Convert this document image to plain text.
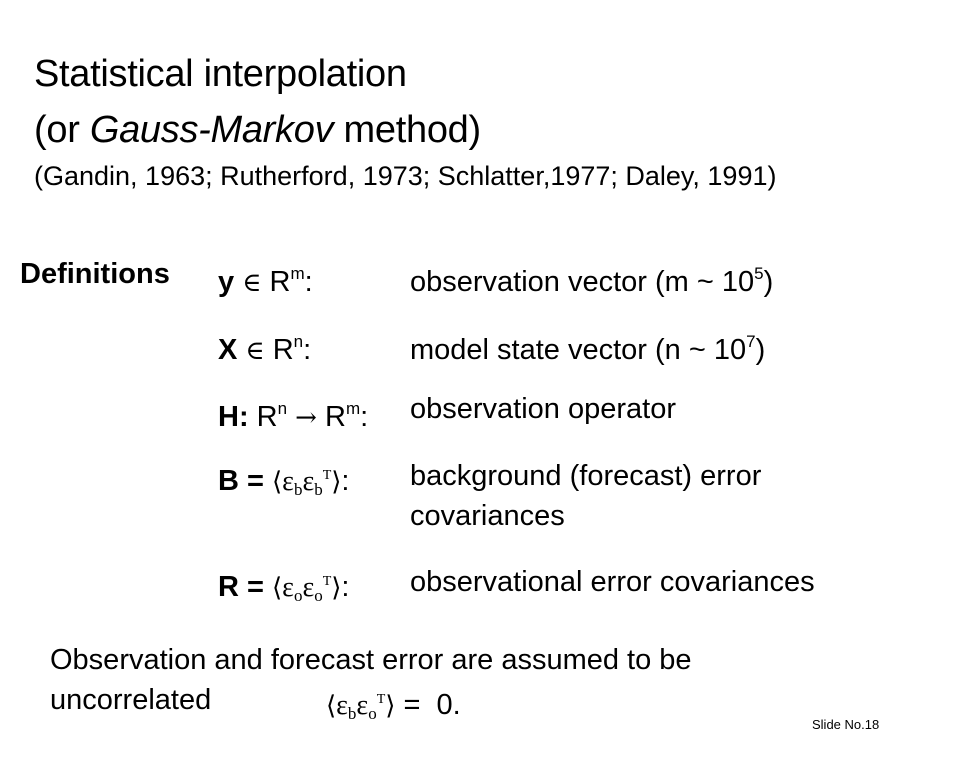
Statistical interpolation
(or Gauss-Markov method)
(Gandin, 1963; Rutherford, 1973; Schlatter,1977; Daley, 1991)
Definitions y ∈ $R^m$:	observation vector (m ~ $10^5$)
X ∈ $R^n$:	model state vector (n ~ $10^7$)
H: $R^n \to R^m$: observation operator
B = ⟨εbεb$^T$⟩: background (forecast) error
covariances
R = ⟨εoεo$^T$⟩: observational error covariances
Observation and forecast error are assumed to be
uncorrelated	⟨εbεo$^T$⟩ =  0.
Slide No.18
